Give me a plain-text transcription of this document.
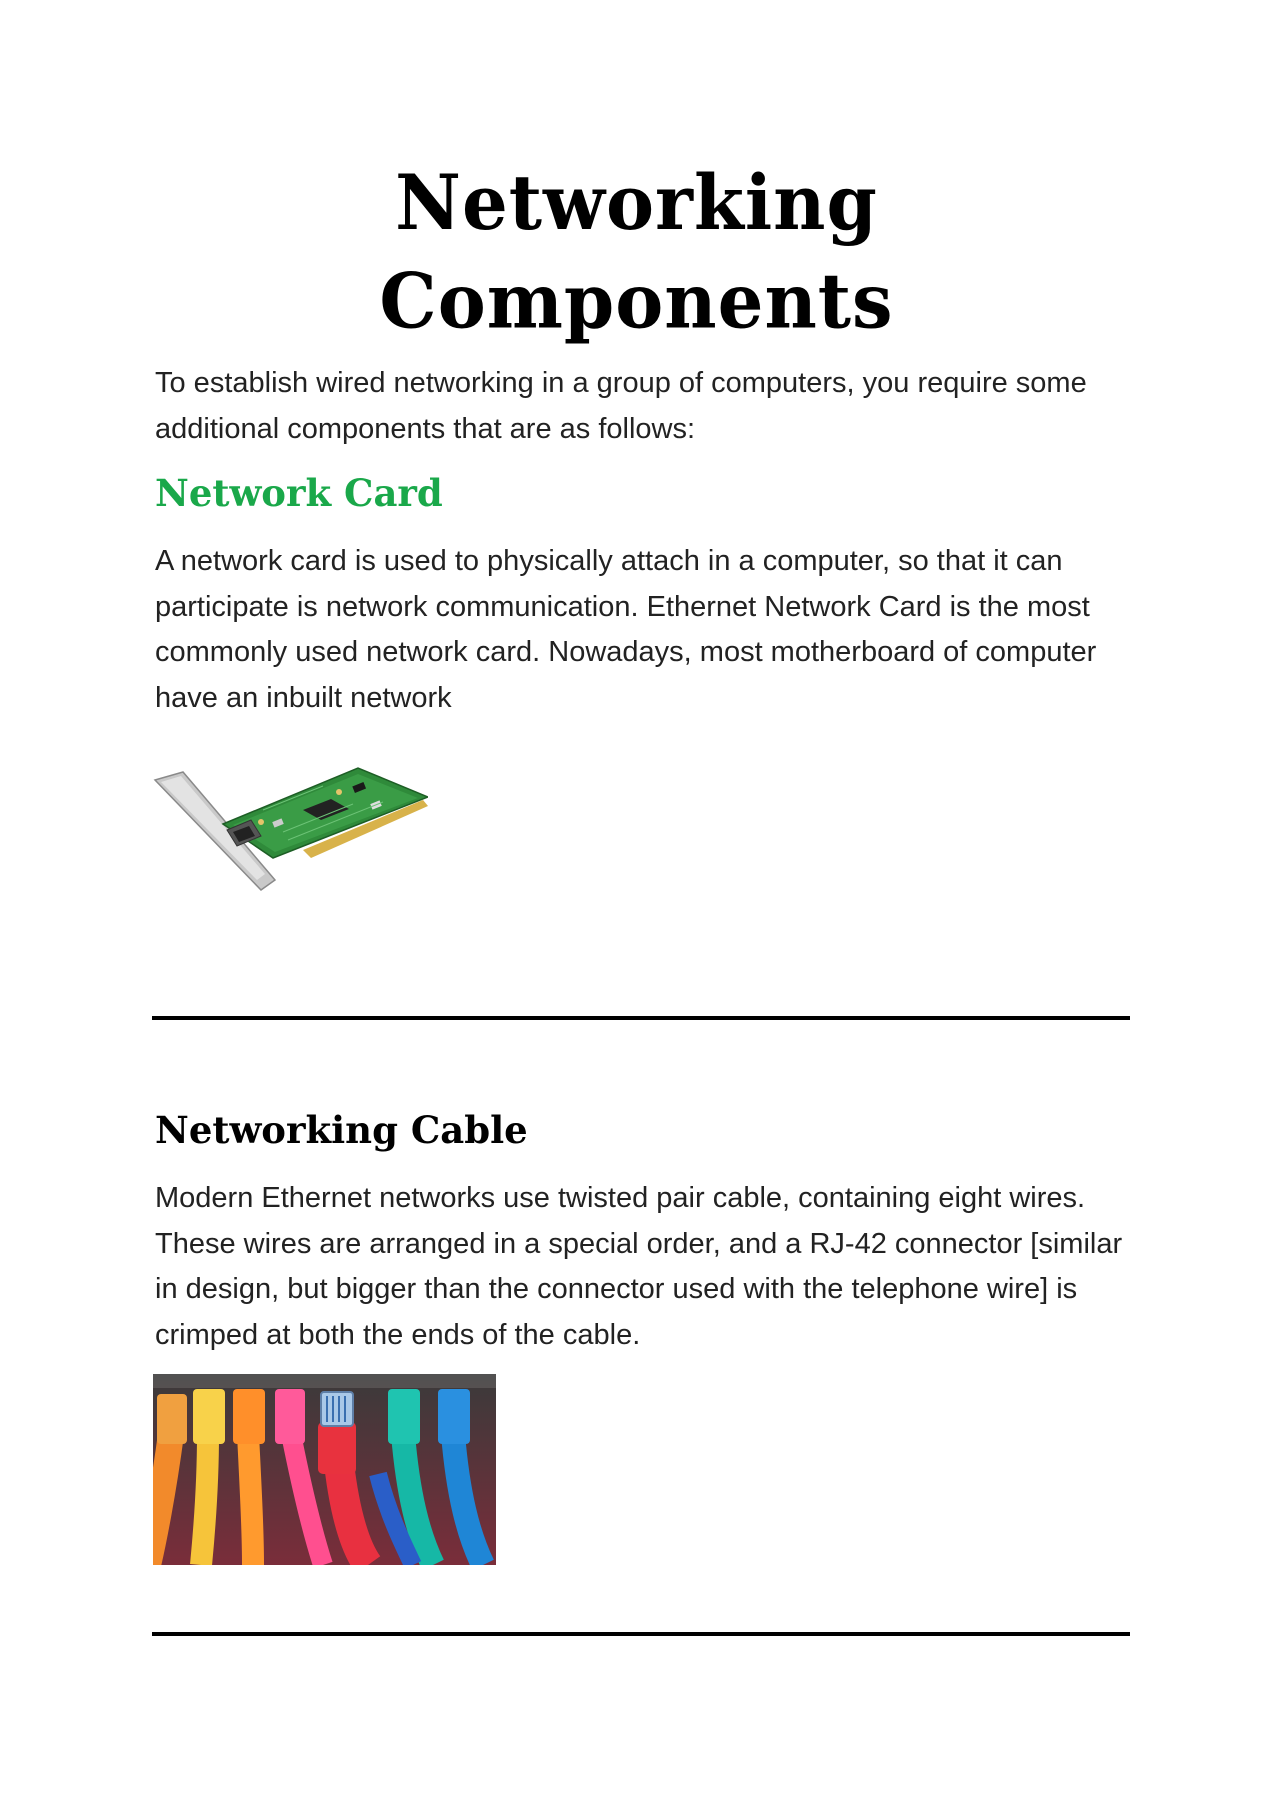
Networking
Components

To establish wired networking in a group of computers, you require some additional components that are as follows:

Network Card

A network card is used to physically attach in a computer, so that it can participate is network communication. Ethernet Network Card is the most commonly used network card. Nowadays, most motherboard of computer have an inbuilt network

Networking Cable

Modern Ethernet networks use twisted pair cable, containing eight wires. These wires are arranged in a special order, and a RJ-42 connector [similar in design, but bigger than the connector used with the telephone wire] is crimped at both the ends of the cable.
